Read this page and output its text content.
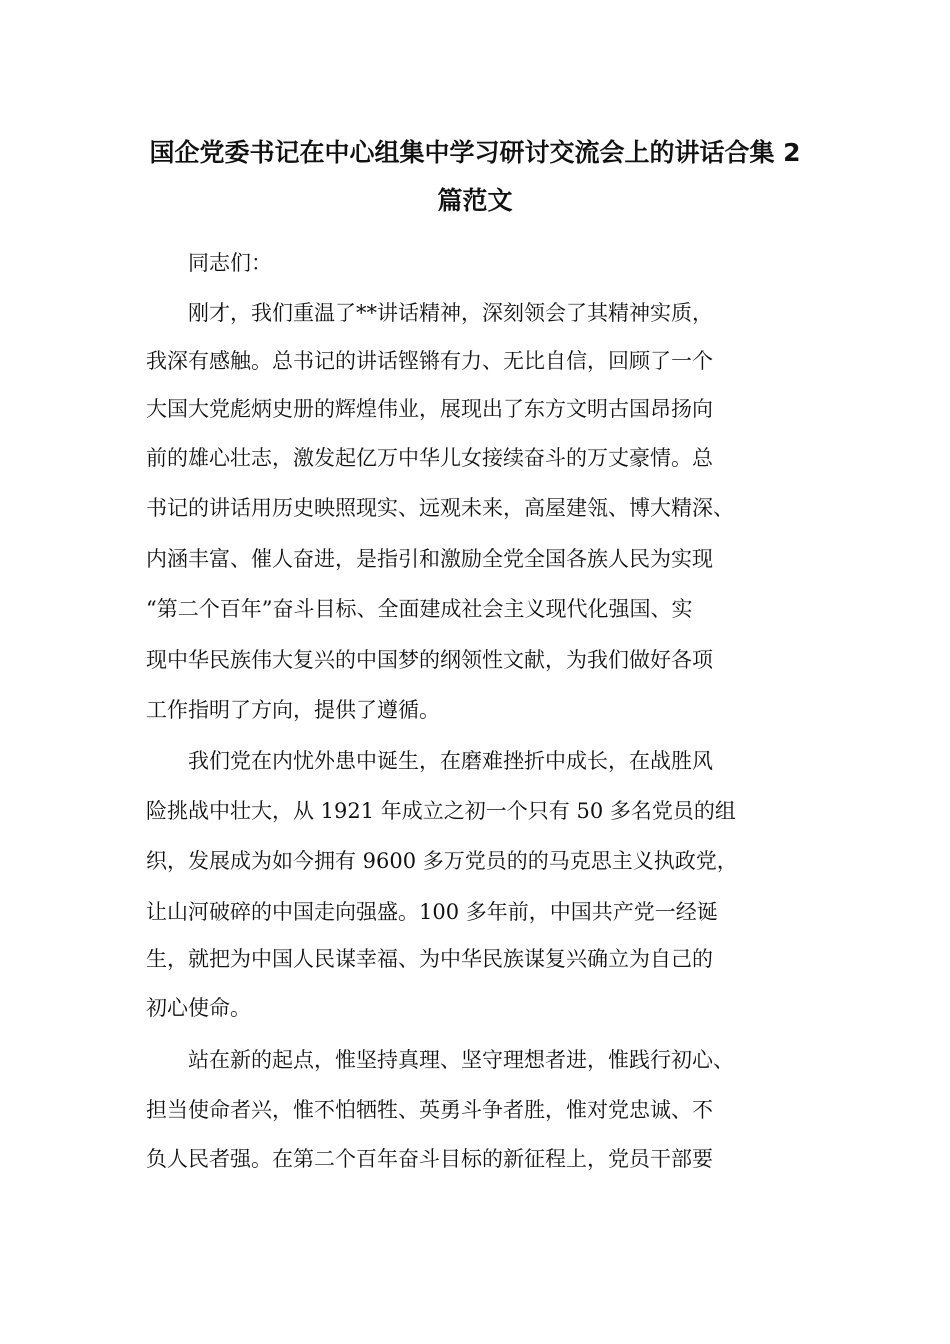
国企党委书记在中心组集中学习研讨交流会上的讲话合集 2
篇范文
同志们：
刚才，我们重温了**讲话精神，深刻领会了其精神实质，
我深有感触。总书记的讲话铿锵有力、无比自信，回顾了一个
大国大党彪炳史册的辉煌伟业，展现出了东方文明古国昂扬向
前的雄心壮志，激发起亿万中华儿女接续奋斗的万丈豪情。总
书记的讲话用历史映照现实、远观未来，高屋建瓴、博大精深、
内涵丰富、催人奋进，是指引和激励全党全国各族人民为实现
“第二个百年”奋斗目标、全面建成社会主义现代化强国、实
现中华民族伟大复兴的中国梦的纲领性文献，为我们做好各项
工作指明了方向，提供了遵循。
我们党在内忧外患中诞生，在磨难挫折中成长，在战胜风
险挑战中壮大，从 1921 年成立之初一个只有 50 多名党员的组
织，发展成为如今拥有 9600 多万党员的的马克思主义执政党，
让山河破碎的中国走向强盛。100 多年前，中国共产党一经诞
生，就把为中国人民谋幸福、为中华民族谋复兴确立为自己的
初心使命。
站在新的起点，惟坚持真理、坚守理想者进，惟践行初心、
担当使命者兴，惟不怕牺牲、英勇斗争者胜，惟对党忠诚、不
负人民者强。在第二个百年奋斗目标的新征程上，党员干部要
